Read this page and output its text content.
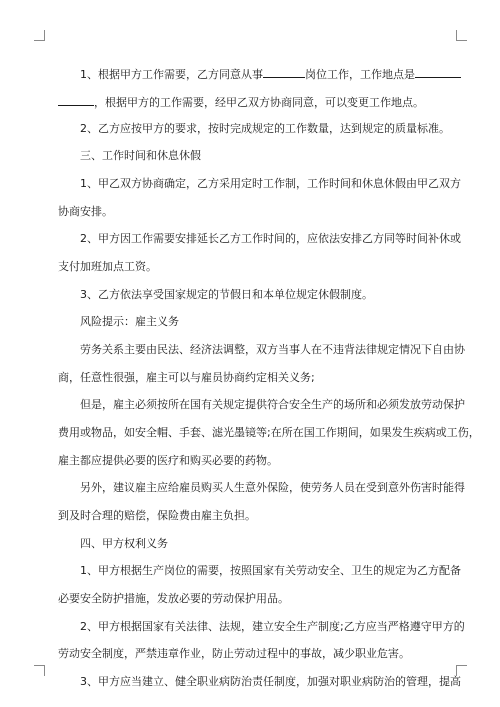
1、根据甲方工作需要，乙方同意从事	岗位工作，工作地点是
，根据甲方的工作需要，经甲乙双方协商同意，可以变更工作地点。
2、乙方应按甲方的要求，按时完成规定的工作数量，达到规定的质量标准。
三、工作时间和休息休假
1、甲乙双方协商确定，乙方采用定时工作制，工作时间和休息休假由甲乙双方
协商安排。
2、甲方因工作需要安排延长乙方工作时间的，应依法安排乙方同等时间补休或
支付加班加点工资。
3、乙方依法享受国家规定的节假日和本单位规定休假制度。
风险提示：雇主义务
劳务关系主要由民法、经济法调整，双方当事人在不违背法律规定情况下自由协
商，任意性很强，雇主可以与雇员协商约定相关义务;
但是，雇主必须按所在国有关规定提供符合安全生产的场所和必须发放劳动保护
费用或物品，如安全帽、手套、滤光墨镜等;在所在国工作期间，如果发生疾病或工伤，
雇主都应提供必要的医疗和购买必要的药物。
另外，建议雇主应给雇员购买人生意外保险，使劳务人员在受到意外伤害时能得
到及时合理的赔偿，保险费由雇主负担。
四、甲方权利义务
1、甲方根据生产岗位的需要，按照国家有关劳动安全、卫生的规定为乙方配备
必要安全防护措施，发放必要的劳动保护用品。
2、甲方根据国家有关法律、法规，建立安全生产制度;乙方应当严格遵守甲方的
劳动安全制度，严禁违章作业，防止劳动过程中的事故，减少职业危害。
3、甲方应当建立、健全职业病防治责任制度，加强对职业病防治的管理，提高
